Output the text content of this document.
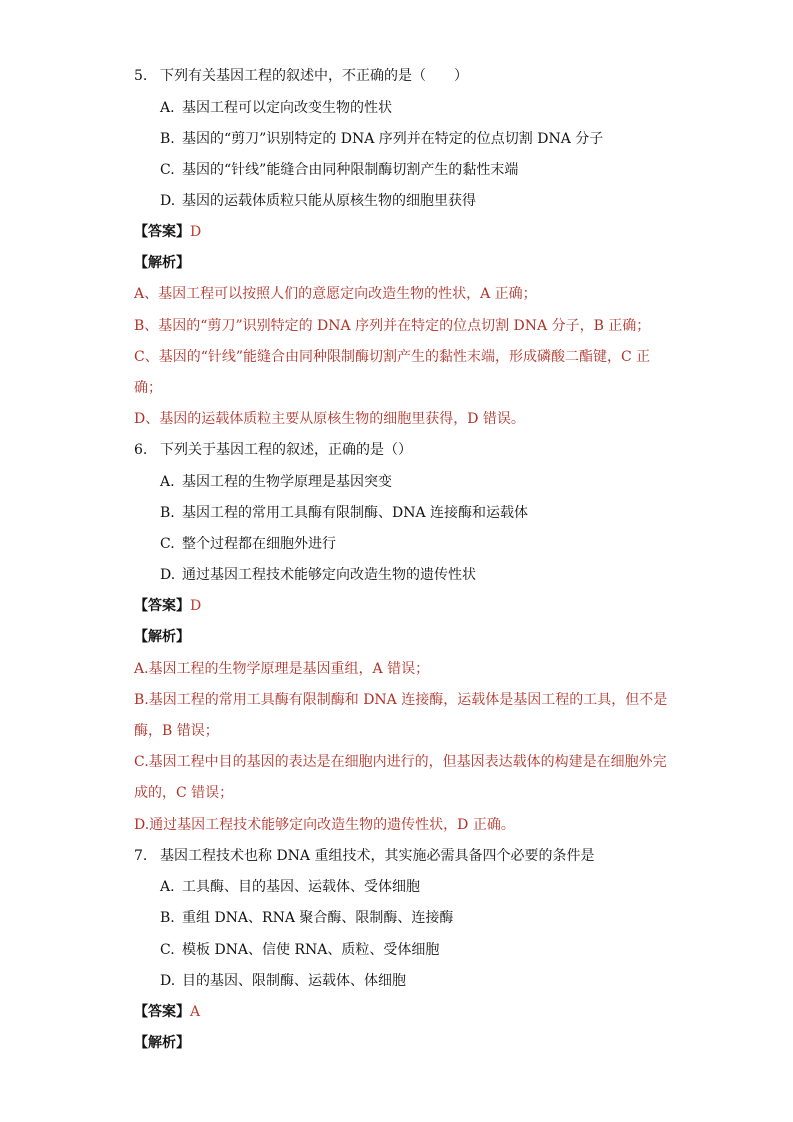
5. 下列有关基因工程的叙述中，不正确的是（　　）
A. 基因工程可以定向改变生物的性状
B. 基因的“剪刀”识别特定的 DNA 序列并在特定的位点切割 DNA 分子
C. 基因的“针线”能缝合由同种限制酶切割产生的黏性末端
D. 基因的运载体质粒只能从原核生物的细胞里获得
【答案】D
【解析】
A、基因工程可以按照人们的意愿定向改造生物的性状，A 正确；
B、基因的“剪刀”识别特定的 DNA 序列并在特定的位点切割 DNA 分子，B 正确；
C、基因的“针线”能缝合由同种限制酶切割产生的黏性末端，形成磷酸二酯键，C 正
确；
D、基因的运载体质粒主要从原核生物的细胞里获得，D 错误。
6. 下列关于基因工程的叙述，正确的是（）
A. 基因工程的生物学原理是基因突变
B. 基因工程的常用工具酶有限制酶、DNA 连接酶和运载体
C. 整个过程都在细胞外进行
D. 通过基因工程技术能够定向改造生物的遗传性状
【答案】D
【解析】
A.基因工程的生物学原理是基因重组，A 错误；
B.基因工程的常用工具酶有限制酶和 DNA 连接酶，运载体是基因工程的工具，但不是
酶，B 错误；
C.基因工程中目的基因的表达是在细胞内进行的，但基因表达载体的构建是在细胞外完
成的，C 错误；
D.通过基因工程技术能够定向改造生物的遗传性状，D 正确。
7. 基因工程技术也称 DNA 重组技术，其实施必需具备四个必要的条件是
A. 工具酶、目的基因、运载体、受体细胞
B. 重组 DNA、RNA 聚合酶、限制酶、连接酶
C. 模板 DNA、信使 RNA、质粒、受体细胞
D. 目的基因、限制酶、运载体、体细胞
【答案】A
【解析】
